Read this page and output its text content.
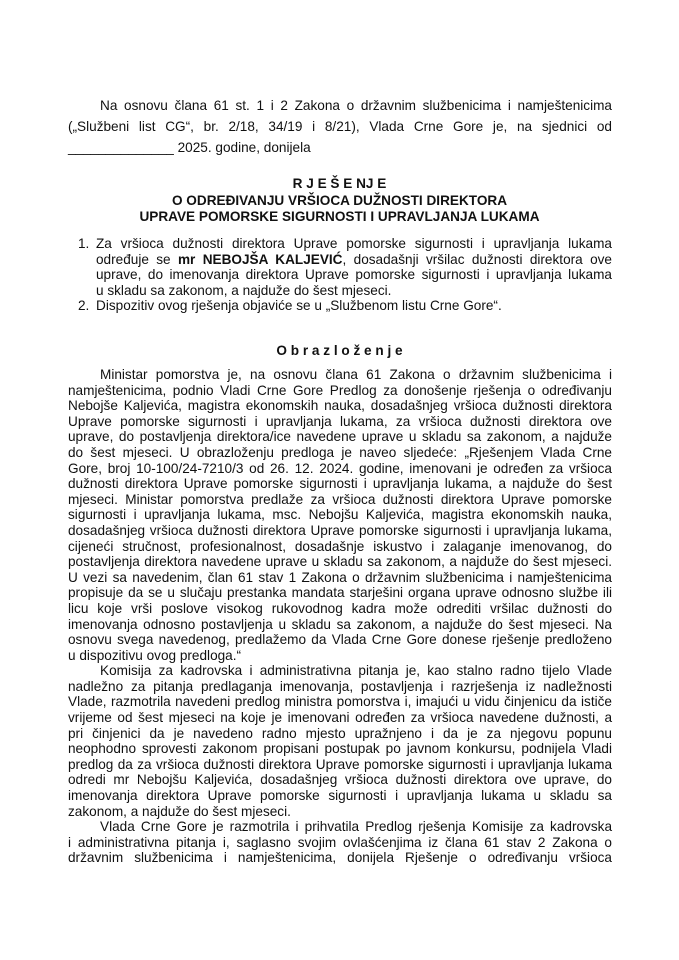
Na osnovu člana 61 st. 1 i 2 Zakona o državnim službenicima i namještenicima
(„Službeni list CG“, br. 2/18, 34/19 i 8/21), Vlada Crne Gore je, na sjednici od
______________ 2025. godine, donijela
R J E Š E NJ E
O ODREĐIVANJU VRŠIOCA DUŽNOSTI DIREKTORA
UPRAVE POMORSKE SIGURNOSTI I UPRAVLJANJA LUKAMA
1. Za vršioca dužnosti direktora Uprave pomorske sigurnosti i upravljanja lukama
određuje se mr NEBOJŠA KALJEVIĆ, dosadašnji vršilac dužnosti direktora ove
uprave, do imenovanja direktora Uprave pomorske sigurnosti i upravljanja lukama
u skladu sa zakonom, a najduže do šest mjeseci.
2. Dispozitiv ovog rješenja objaviće se u „Službenom listu Crne Gore“.
O b r a z l o ž e n j e
Ministar pomorstva je, na osnovu člana 61 Zakona o državnim službenicima i
namještenicima, podnio Vladi Crne Gore Predlog za donošenje rješenja o određivanju
Nebojše Kaljevića, magistra ekonomskih nauka, dosadašnjeg vršioca dužnosti direktora
Uprave pomorske sigurnosti i upravljanja lukama, za vršioca dužnosti direktora ove
uprave, do postavljenja direktora/ice navedene uprave u skladu sa zakonom, a najduže
do šest mjeseci. U obrazloženju predloga je naveo sljedeće: „Rješenjem Vlada Crne
Gore, broj 10-100/24-7210/3 od 26. 12. 2024. godine, imenovani je određen za vršioca
dužnosti direktora Uprave pomorske sigurnosti i upravljanja lukama, a najduže do šest
mjeseci. Ministar pomorstva predlaže za vršioca dužnosti direktora Uprave pomorske
sigurnosti i upravljanja lukama, msc. Nebojšu Kaljevića, magistra ekonomskih nauka,
dosadašnjeg vršioca dužnosti direktora Uprave pomorske sigurnosti i upravljanja lukama,
cijeneći stručnost, profesionalnost, dosadašnje iskustvo i zalaganje imenovanog, do
postavljenja direktora navedene uprave u skladu sa zakonom, a najduže do šest mjeseci.
U vezi sa navedenim, član 61 stav 1 Zakona o državnim službenicima i namještenicima
propisuje da se u slučaju prestanka mandata starješini organa uprave odnosno službe ili
licu koje vrši poslove visokog rukovodnog kadra može odrediti vršilac dužnosti do
imenovanja odnosno postavljenja u skladu sa zakonom, a najduže do šest mjeseci. Na
osnovu svega navedenog, predlažemo da Vlada Crne Gore donese rješenje predloženo
u dispozitivu ovog predloga.“
Komisija za kadrovska i administrativna pitanja je, kao stalno radno tijelo Vlade
nadležno za pitanja predlaganja imenovanja, postavljenja i razrješenja iz nadležnosti
Vlade, razmotrila navedeni predlog ministra pomorstva i, imajući u vidu činjenicu da ističe
vrijeme od šest mjeseci na koje je imenovani određen za vršioca navedene dužnosti, a
pri činjenici da je navedeno radno mjesto upražnjeno i da je za njegovu popunu
neophodno sprovesti zakonom propisani postupak po javnom konkursu, podnijela Vladi
predlog da za vršioca dužnosti direktora Uprave pomorske sigurnosti i upravljanja lukama
odredi mr Nebojšu Kaljevića, dosadašnjeg vršioca dužnosti direktora ove uprave, do
imenovanja direktora Uprave pomorske sigurnosti i upravljanja lukama u skladu sa
zakonom, a najduže do šest mjeseci.
Vlada Crne Gore je razmotrila i prihvatila Predlog rješenja Komisije za kadrovska
i administrativna pitanja i, saglasno svojim ovlašćenjima iz člana 61 stav 2 Zakona o
državnim službenicima i namještenicima, donijela Rješenje o određivanju vršioca
